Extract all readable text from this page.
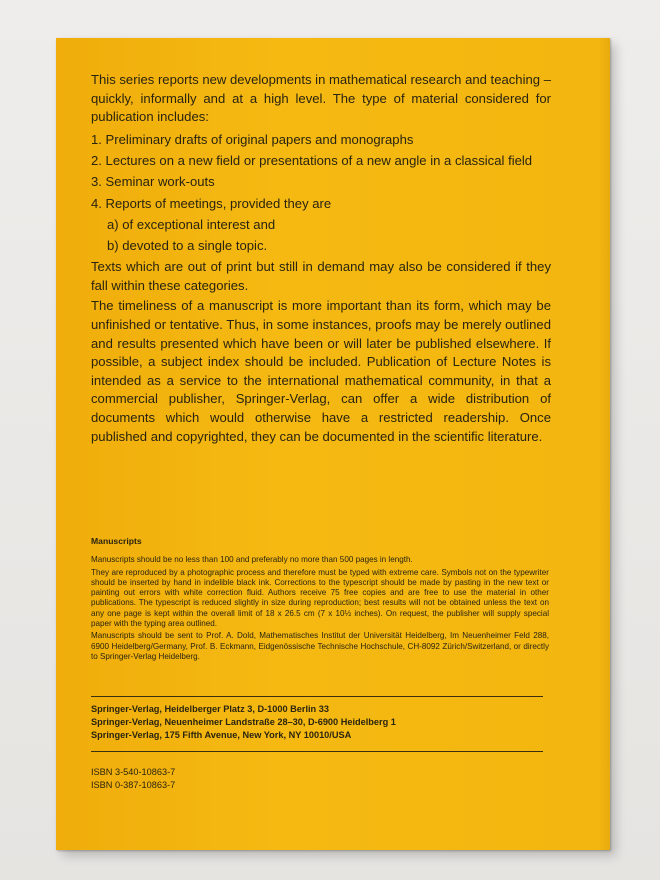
This series reports new developments in mathematical research and teaching – quickly, informally and at a high level. The type of material considered for publication includes:

1. Preliminary drafts of original papers and monographs
2. Lectures on a new field or presentations of a new angle in a classical field
3. Seminar work-outs
4. Reports of meetings, provided they are
a) of exceptional interest and
b) devoted to a single topic.

Texts which are out of print but still in demand may also be considered if they fall within these categories.

The timeliness of a manuscript is more important than its form, which may be unfinished or tentative. Thus, in some instances, proofs may be merely outlined and results presented which have been or will later be published elsewhere. If possible, a subject index should be included. Publication of Lecture Notes is intended as a service to the international mathematical community, in that a commercial publisher, Springer-Verlag, can offer a wide distribution of documents which would otherwise have a restricted readership. Once published and copyrighted, they can be documented in the scientific literature.

Manuscripts

Manuscripts should be no less than 100 and preferably no more than 500 pages in length.

They are reproduced by a photographic process and therefore must be typed with extreme care. Symbols not on the typewriter should be inserted by hand in indelible black ink. Corrections to the typescript should be made by pasting in the new text or painting out errors with white correction fluid. Authors receive 75 free copies and are free to use the material in other publications. The typescript is reduced slightly in size during reproduction; best results will not be obtained unless the text on any one page is kept within the overall limit of 18 x 26.5 cm (7 x 10½ inches). On request, the publisher will supply special paper with the typing area outlined.

Manuscripts should be sent to Prof. A. Dold, Mathematisches Institut der Universität Heidelberg, Im Neuenheimer Feld 288, 6900 Heidelberg/Germany, Prof. B. Eckmann, Eidgenössische Technische Hochschule, CH-8092 Zürich/Switzerland, or directly to Springer-Verlag Heidelberg.

Springer-Verlag, Heidelberger Platz 3, D-1000 Berlin 33
Springer-Verlag, Neuenheimer Landstraße 28–30, D-6900 Heidelberg 1
Springer-Verlag, 175 Fifth Avenue, New York, NY 10010/USA
ISBN 3-540-10863-7
ISBN 0-387-10863-7
